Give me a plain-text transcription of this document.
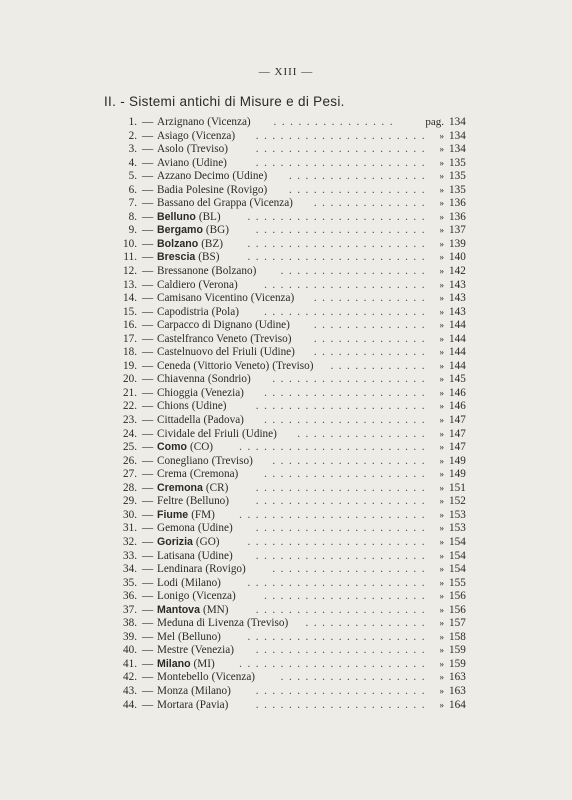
— XIII —
II. - Sistemi antichi di Misure e di Pesi.
1. — Arzignano (Vicenza)	pag. 134
...............
2. — Asiago (Vicenza)	» 134
.....................
3. — Asolo (Treviso)	» 134
.....................
4. — Aviano (Udine)	» 135
.....................
5. — Azzano Decimo (Udine)	» 135
.................
6. — Badia Polesine (Rovigo)	» 135
.................
7. — Bassano del Grappa (Vicenza)	» 136
..............
8. — Belluno (BL)	» 136
......................
9. — Bergamo (BG)	» 137
.....................
10. — Bolzano (BZ)	» 139
......................
11. — Brescia (BS)	» 140
......................
12. — Bressanone (Bolzano)	» 142
..................
13. — Caldiero (Verona)	» 143
....................
14. — Camisano Vicentino (Vicenza)	» 143
..............
15. — Capodistria (Pola)	» 143
....................
16. — Carpacco di Dignano (Udine)	» 144
..............
17. — Castelfranco Veneto (Treviso)	» 144
..............
18. — Castelnuovo del Friuli (Udine)	» 144
..............
19. — Ceneda (Vittorio Veneto) (Treviso)	» 144
............
20. — Chiavenna (Sondrio)	» 145
...................
21. — Chioggia (Venezia)	» 146
....................
22. — Chions (Udine)	» 146
.....................
23. — Cittadella (Padova)	» 147
....................
24. — Cividale del Friuli (Udine)	» 147
................
25. — Como (CO)	» 147
.......................
26. — Conegliano (Treviso)	» 149
...................
27. — Crema (Cremona)	» 149
....................
28. — Cremona (CR)	» 151
.....................
29. — Feltre (Belluno)	» 152
.....................
30. — Fiume (FM)	» 153
.......................
31. — Gemona (Udine)	» 153
.....................
32. — Gorizia (GO)	» 154
......................
33. — Latisana (Udine)	» 154
.....................
34. — Lendinara (Rovigo)	» 154
...................
35. — Lodi (Milano)	» 155
......................
36. — Lonigo (Vicenza)	» 156
....................
37. — Mantova (MN)	» 156
.....................
38. — Meduna di Livenza (Treviso)	» 157
...............
39. — Mel (Belluno)	» 158
......................
40. — Mestre (Venezia)	» 159
.....................
41. — Milano (MI)	» 159
.......................
42. — Montebello (Vicenza)	» 163
..................
43. — Monza (Milano)	» 163
.....................
44. — Mortara (Pavia)	» 164
.....................
